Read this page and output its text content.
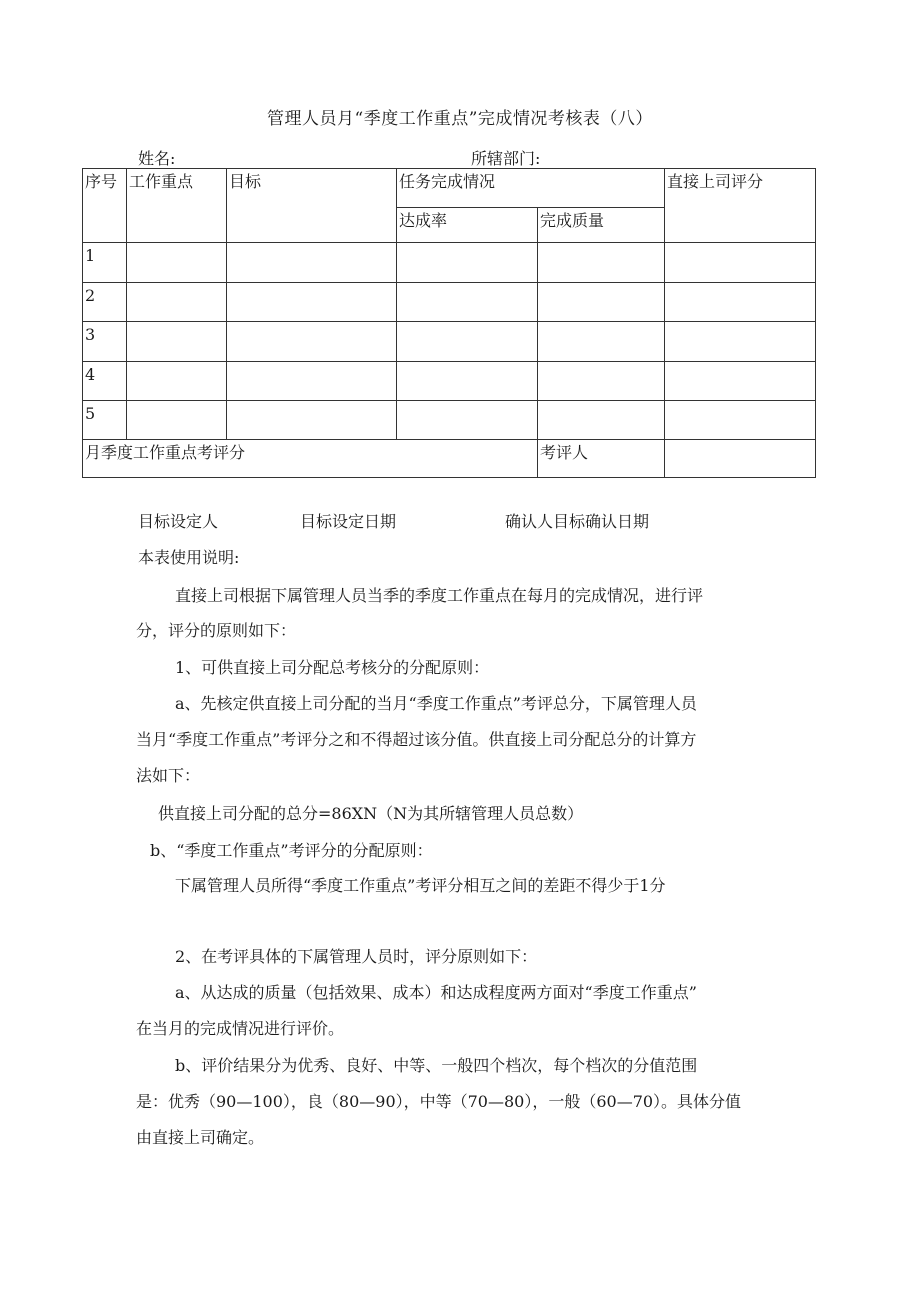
管理人员月“季度工作重点”完成情况考核表（八）
姓名:	所辖部门:
序号	工作重点	目标	任务完成情况		直接上司评分
			达成率	完成质量	
1					
2					
3					
4					
5					
月季度工作重点考评分				考评人	
目标设定人	目标设定日期	确认人目标确认日期
本表使用说明:
直接上司根据下属管理人员当季的季度工作重点在每月的完成情况，进行评
分，评分的原则如下：
1、可供直接上司分配总考核分的分配原则：
a、先核定供直接上司分配的当月“季度工作重点”考评总分，下属管理人员
当月“季度工作重点”考评分之和不得超过该分值。供直接上司分配总分的计算方
法如下：
供直接上司分配的总分=86XN（N为其所辖管理人员总数）
b、“季度工作重点”考评分的分配原则：
下属管理人员所得“季度工作重点”考评分相互之间的差距不得少于1分
2、在考评具体的下属管理人员时，评分原则如下：
a、从达成的质量（包括效果、成本）和达成程度两方面对“季度工作重点”
在当月的完成情况进行评价。
b、评价结果分为优秀、良好、中等、一般四个档次，每个档次的分值范围
是：优秀（90—100），良（80—90），中等（70—80），一般（60—70）。具体分值
由直接上司确定。
